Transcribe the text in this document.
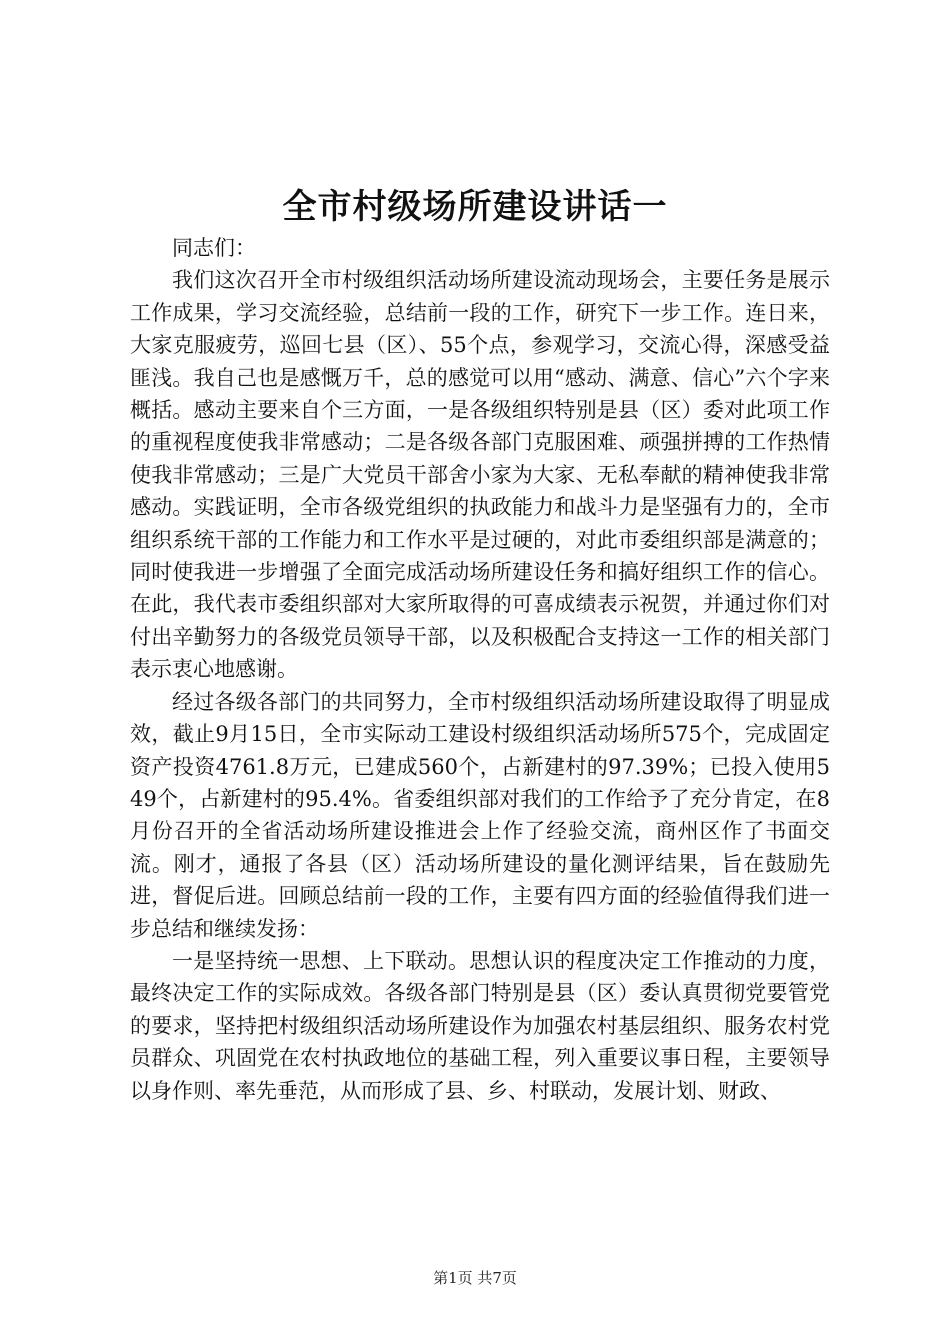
全市村级场所建设讲话一

同志们：

我们这次召开全市村级组织活动场所建设流动现场会，主要任务是展示工作成果，学习交流经验，总结前一段的工作，研究下一步工作。连日来，大家克服疲劳，巡回七县（区）、55个点，参观学习，交流心得，深感受益匪浅。我自己也是感慨万千，总的感觉可以用“感动、满意、信心”六个字来概括。感动主要来自个三方面，一是各级组织特别是县（区）委对此项工作的重视程度使我非常感动；二是各级各部门克服困难、顽强拼搏的工作热情使我非常感动；三是广大党员干部舍小家为大家、无私奉献的精神使我非常感动。实践证明，全市各级党组织的执政能力和战斗力是坚强有力的，全市组织系统干部的工作能力和工作水平是过硬的，对此市委组织部是满意的；同时使我进一步增强了全面完成活动场所建设任务和搞好组织工作的信心。在此，我代表市委组织部对大家所取得的可喜成绩表示祝贺，并通过你们对付出辛勤努力的各级党员领导干部，以及积极配合支持这一工作的相关部门表示衷心地感谢。

经过各级各部门的共同努力，全市村级组织活动场所建设取得了明显成效，截止9月15日，全市实际动工建设村级组织活动场所575个，完成固定资产投资4761.8万元，已建成560个，占新建村的97.39%；已投入使用549个，占新建村的95.4%。省委组织部对我们的工作给予了充分肯定，在8月份召开的全省活动场所建设推进会上作了经验交流，商州区作了书面交流。刚才，通报了各县（区）活动场所建设的量化测评结果，旨在鼓励先进，督促后进。回顾总结前一段的工作，主要有四方面的经验值得我们进一步总结和继续发扬：

一是坚持统一思想、上下联动。思想认识的程度决定工作推动的力度，最终决定工作的实际成效。各级各部门特别是县（区）委认真贯彻党要管党的要求，坚持把村级组织活动场所建设作为加强农村基层组织、服务农村党员群众、巩固党在农村执政地位的基础工程，列入重要议事日程，主要领导以身作则、率先垂范，从而形成了县、乡、村联动，发展计划、财政、

第1页 共7页
